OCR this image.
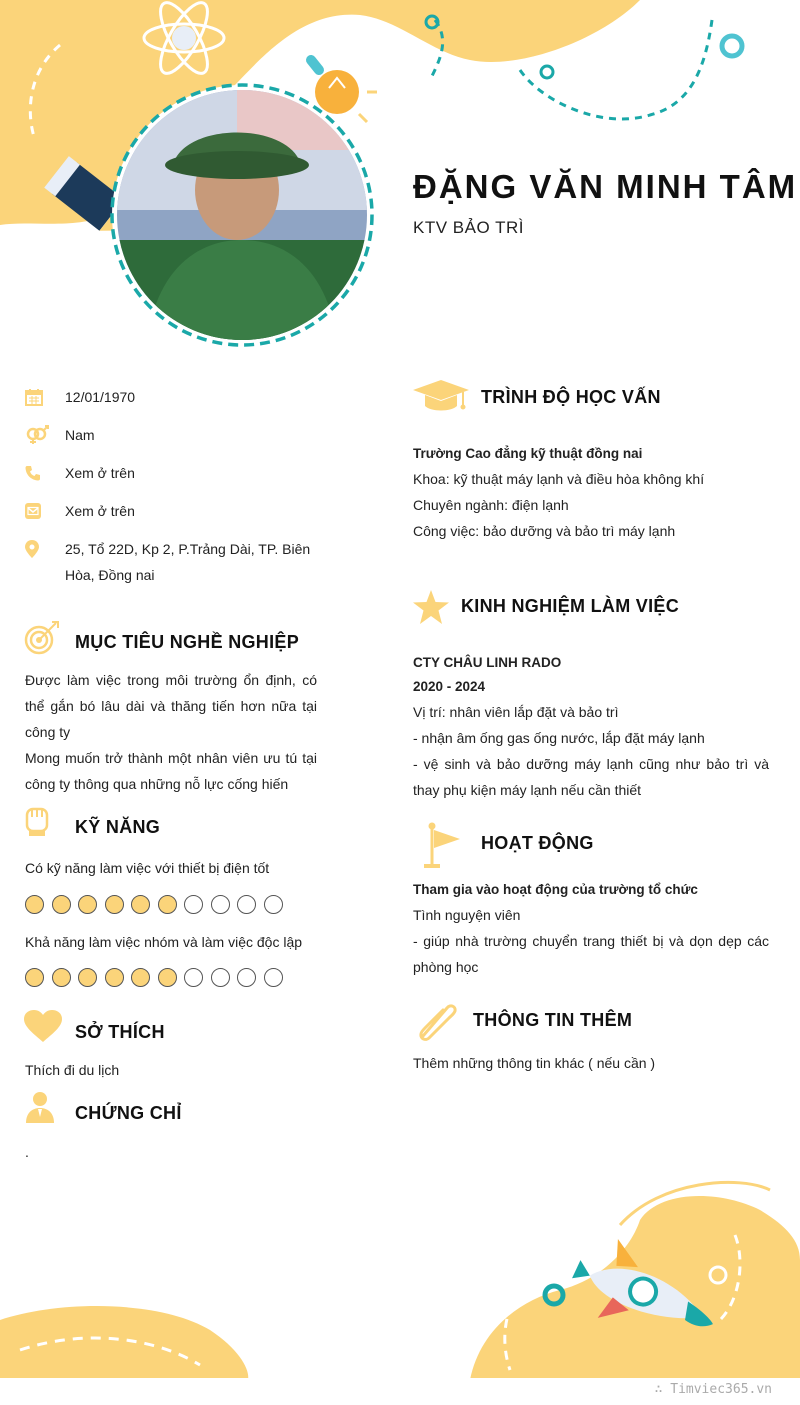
ĐẶNG VĂN MINH TÂM
KTV BẢO TRÌ
12/01/1970
Nam
Xem ở trên
Xem ở trên
25, Tổ 22D, Kp 2, P.Trảng Dài, TP. Biên Hòa, Đồng nai
MỤC TIÊU NGHỀ NGHIỆP
Được làm việc trong môi trường ổn định, có thể gắn bó lâu dài và thăng tiến hơn nữa tại công ty
Mong muốn trở thành một nhân viên ưu tú tại công ty thông qua những nỗ lực cống hiến
KỸ NĂNG
Có kỹ năng làm việc với thiết bị điện tốt
Khả năng làm việc nhóm và làm việc độc lập
SỞ THÍCH
Thích đi du lịch
CHỨNG CHỈ
.
TRÌNH ĐỘ HỌC VẤN
Trường Cao đẳng kỹ thuật đồng nai
Khoa: kỹ thuật máy lạnh và điều hòa không khí
Chuyên ngành: điện lạnh
Công việc: bảo dưỡng và bảo trì máy lạnh
KINH NGHIỆM LÀM VIỆC
CTY CHÂU LINH RADO
2020 - 2024
Vị trí: nhân viên lắp đặt và bảo trì
- nhận âm ống gas ống nước, lắp đặt máy lạnh
- vệ sinh và bảo dưỡng máy lạnh cũng như bảo trì và thay phụ kiện máy lạnh nếu cần thiết
HOẠT ĐỘNG
Tham gia vào hoạt động của trường tổ chức
Tình nguyện viên
- giúp nhà trường chuyển trang thiết bị và dọn dẹp các phòng học
THÔNG TIN THÊM
Thêm những thông tin khác ( nếu cần )
∴ Timviec365.vn
